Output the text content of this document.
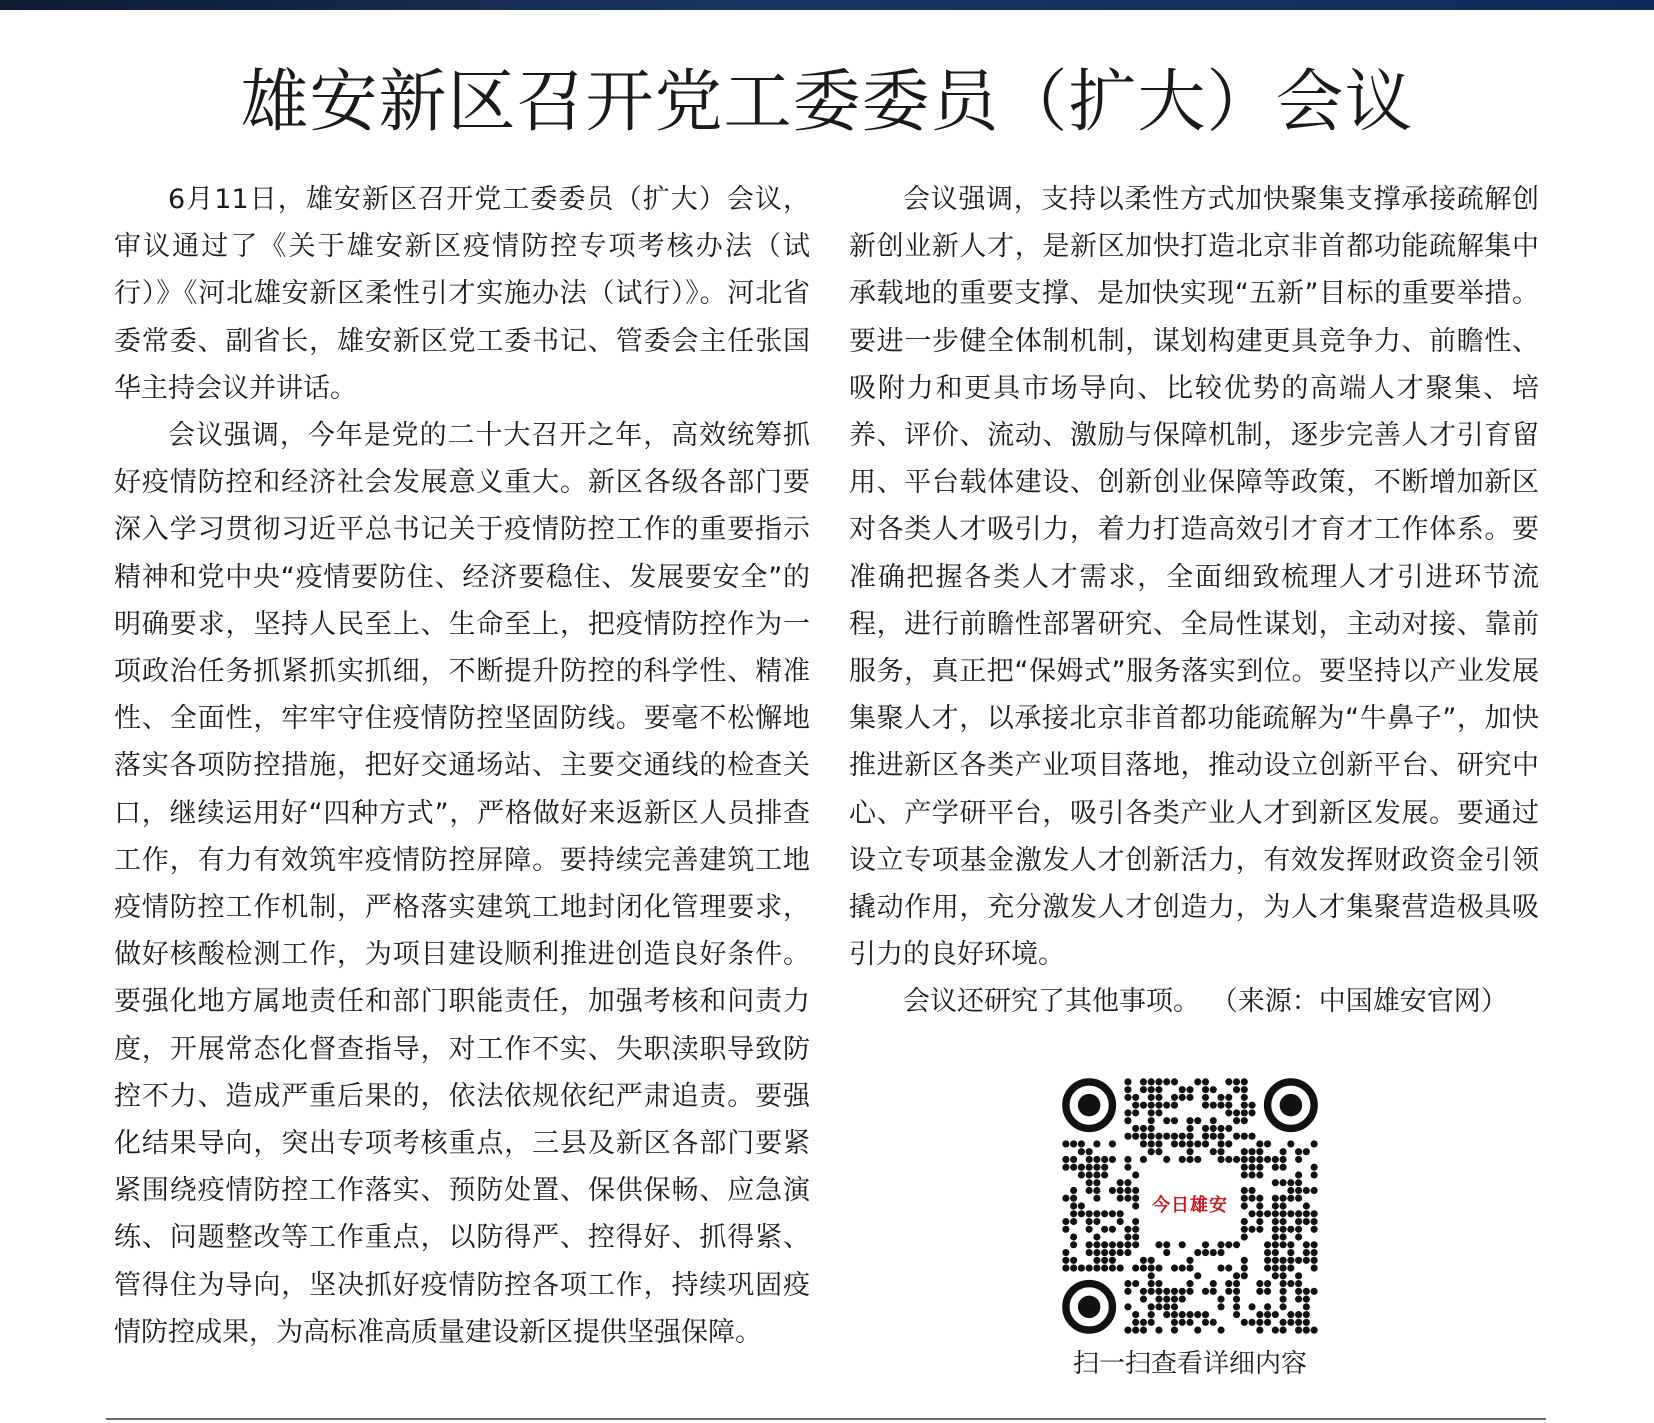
雄安新区召开党工委委员（扩大）会议

6月11日，雄安新区召开党工委委员（扩大）会议，审议通过了《关于雄安新区疫情防控专项考核办法（试行）》《河北雄安新区柔性引才实施办法（试行）》。河北省委常委、副省长，雄安新区党工委书记、管委会主任张国华主持会议并讲话。

会议强调，今年是党的二十大召开之年，高效统筹抓好疫情防控和经济社会发展意义重大。新区各级各部门要深入学习贯彻习近平总书记关于疫情防控工作的重要指示精神和党中央“疫情要防住、经济要稳住、发展要安全”的明确要求，坚持人民至上、生命至上，把疫情防控作为一项政治任务抓紧抓实抓细，不断提升防控的科学性、精准性、全面性，牢牢守住疫情防控坚固防线。要毫不松懈地落实各项防控措施，把好交通场站、主要交通线的检查关口，继续运用好“四种方式”，严格做好来返新区人员排查工作，有力有效筑牢疫情防控屏障。要持续完善建筑工地疫情防控工作机制，严格落实建筑工地封闭化管理要求，做好核酸检测工作，为项目建设顺利推进创造良好条件。要强化地方属地责任和部门职能责任，加强考核和问责力度，开展常态化督查指导，对工作不实、失职渎职导致防控不力、造成严重后果的，依法依规依纪严肃追责。要强化结果导向，突出专项考核重点，三县及新区各部门要紧紧围绕疫情防控工作落实、预防处置、保供保畅、应急演练、问题整改等工作重点，以防得严、控得好、抓得紧、管得住为导向，坚决抓好疫情防控各项工作，持续巩固疫情防控成果，为高标准高质量建设新区提供坚强保障。

会议强调，支持以柔性方式加快聚集支撑承接疏解创新创业新人才，是新区加快打造北京非首都功能疏解集中承载地的重要支撑、是加快实现“五新”目标的重要举措。要进一步健全体制机制，谋划构建更具竞争力、前瞻性、吸附力和更具市场导向、比较优势的高端人才聚集、培养、评价、流动、激励与保障机制，逐步完善人才引育留用、平台载体建设、创新创业保障等政策，不断增加新区对各类人才吸引力，着力打造高效引才育才工作体系。要准确把握各类人才需求，全面细致梳理人才引进环节流程，进行前瞻性部署研究、全局性谋划，主动对接、靠前服务，真正把“保姆式”服务落实到位。要坚持以产业发展集聚人才，以承接北京非首都功能疏解为“牛鼻子”，加快推进新区各类产业项目落地，推动设立创新平台、研究中心、产学研平台，吸引各类产业人才到新区发展。要通过设立专项基金激发人才创新活力，有效发挥财政资金引领撬动作用，充分激发人才创造力，为人才集聚营造极具吸引力的良好环境。

会议还研究了其他事项。 （来源：中国雄安官网）

今日雄安
扫一扫查看详细内容
